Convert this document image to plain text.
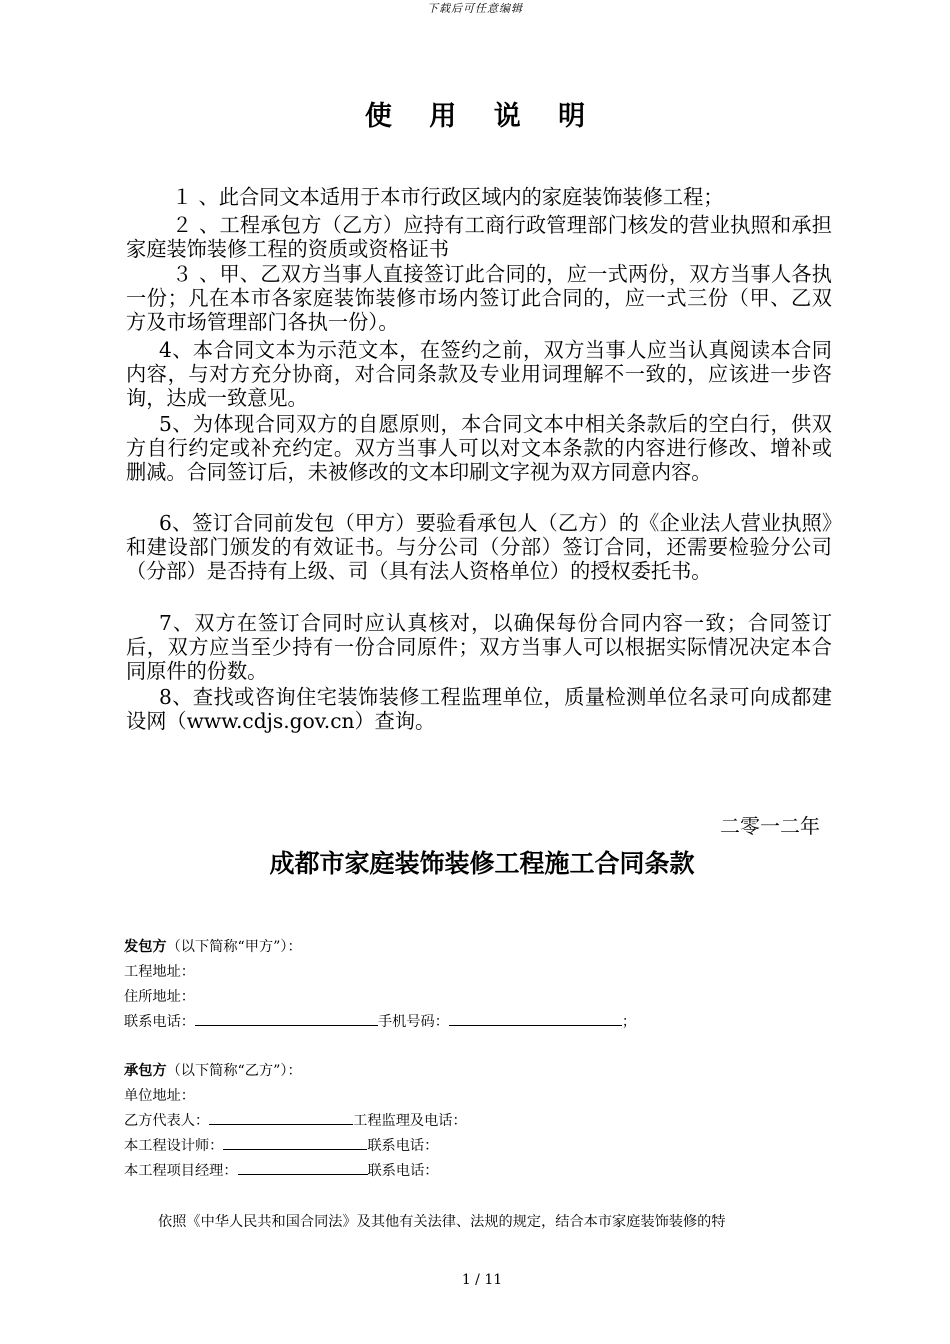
下载后可任意编辑
使 用 说 明

１ 、此合同文本适用于本市行政区域内的家庭装饰装修工程；

２ 、工程承包方（乙方）应持有工商行政管理部门核发的营业执照和承担家庭装饰装修工程的资质或资格证书

３ 、甲、乙双方当事人直接签订此合同的，应一式两份，双方当事人各执一份；凡在本市各家庭装饰装修市场内签订此合同的，应一式三份（甲、乙双方及市场管理部门各执一份）。

4、本合同文本为示范文本，在签约之前，双方当事人应当认真阅读本合同内容，与对方充分协商，对合同条款及专业用词理解不一致的，应该进一步咨询，达成一致意见。

5、为体现合同双方的自愿原则，本合同文本中相关条款后的空白行，供双方自行约定或补充约定。双方当事人可以对文本条款的内容进行修改、增补或删减。合同签订后，未被修改的文本印刷文字视为双方同意内容。

6、签订合同前发包（甲方）要验看承包人（乙方）的《企业法人营业执照》和建设部门颁发的有效证书。与分公司（分部）签订合同，还需要检验分公司（分部）是否持有上级、司（具有法人资格单位）的授权委托书。

7、双方在签订合同时应认真核对，以确保每份合同内容一致；合同签订后，双方应当至少持有一份合同原件；双方当事人可以根据实际情况决定本合同原件的份数。

8、查找或咨询住宅装饰装修工程监理单位，质量检测单位名录可向成都建设网（www.cdjs.gov.cn）查询。

二零一二年
成都市家庭装饰装修工程施工合同条款
发包方（以下简称“甲方”）：
工程地址：
住所地址：
联系电话：	手机号码：	；
承包方（以下简称“乙方”）：
单位地址：
乙方代表人：	工程监理及电话：
本工程设计师：	联系电话：
本工程项目经理：	联系电话：
依照《中华人民共和国合同法》及其他有关法律、法规的规定，结合本市家庭装饰装修的特
1 / 11
